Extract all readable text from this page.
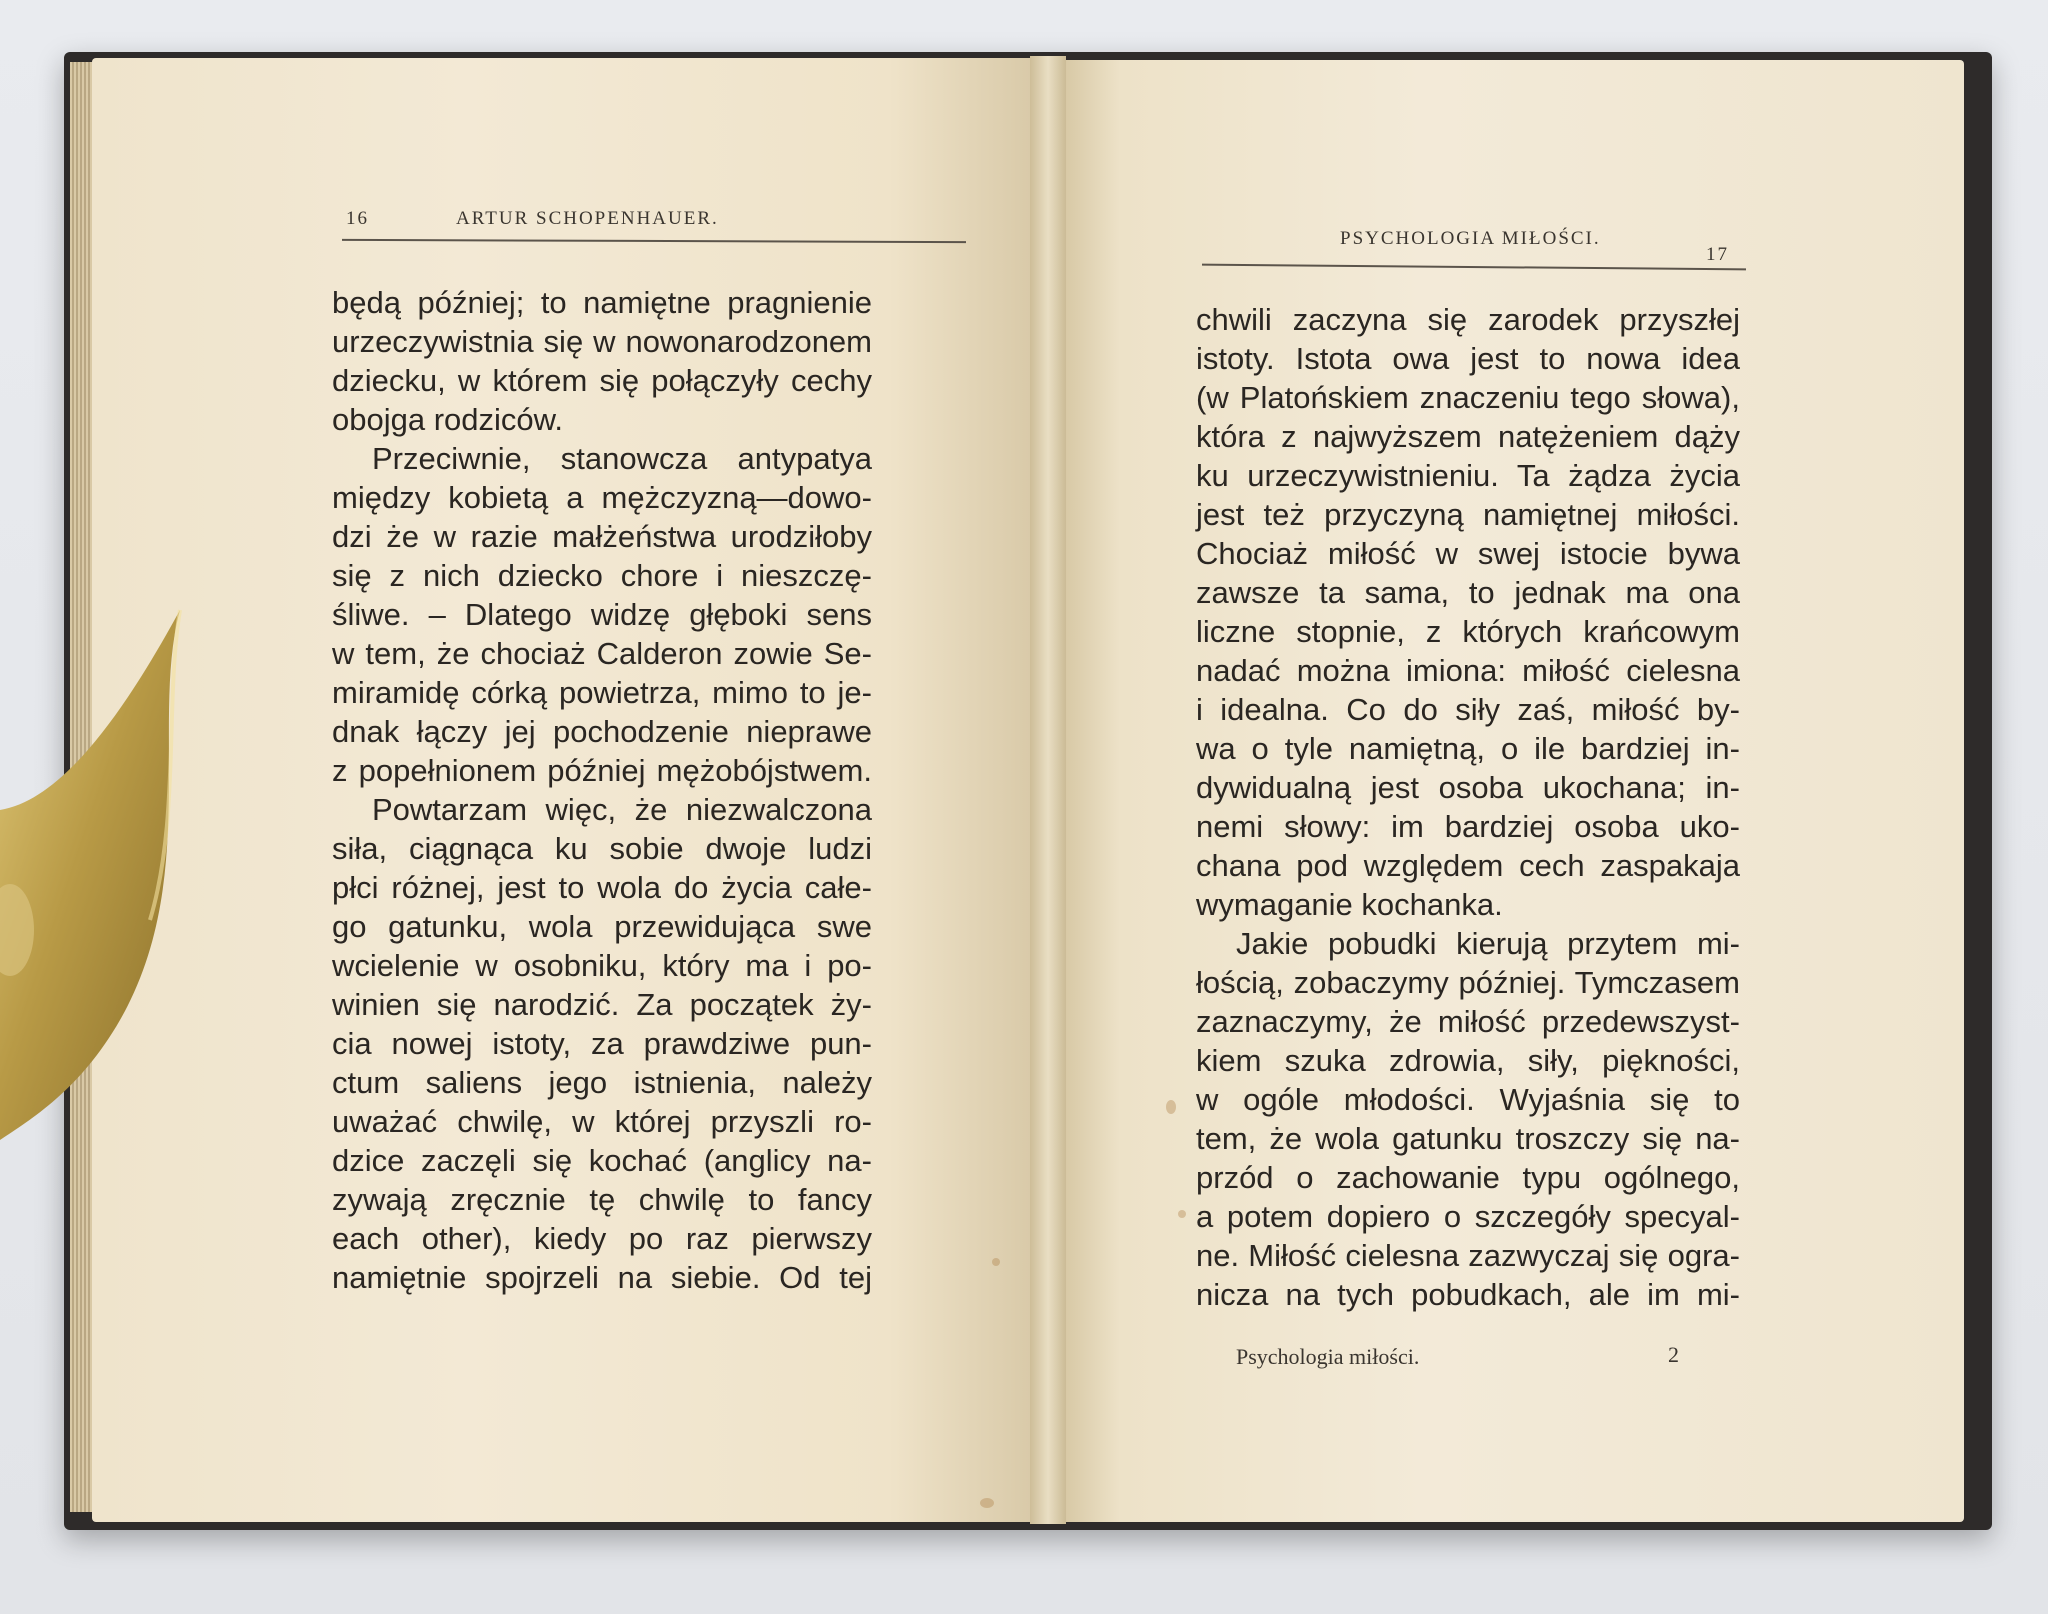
16	ARTUR SCHOPENHAUER.
będą później; to namiętne pragnienie
urzeczywistnia się w nowonarodzonem
dziecku, w którem się połączyły cechy
obojga rodziców.
Przeciwnie, stanowcza antypatya
między kobietą a mężczyzną—dowo-
dzi że w razie małżeństwa urodziłoby
się z nich dziecko chore i nieszczę-
śliwe. – Dlatego widzę głęboki sens
w tem, że chociaż Calderon zowie Se-
miramidę córką powietrza, mimo to je-
dnak łączy jej pochodzenie nieprawe
z popełnionem później mężobójstwem.
Powtarzam więc, że niezwalczona
siła, ciągnąca ku sobie dwoje ludzi
płci różnej, jest to wola do życia całe-
go gatunku, wola przewidująca swe
wcielenie w osobniku, który ma i po-
winien się narodzić. Za początek ży-
cia nowej istoty, za prawdziwe pun-
ctum saliens jego istnienia, należy
uważać chwilę, w której przyszli ro-
dzice zaczęli się kochać (anglicy na-
zywają zręcznie tę chwilę to fancy
each other), kiedy po raz pierwszy
namiętnie spojrzeli na siebie. Od tej
PSYCHOLOGIA MIŁOŚCI.
17
chwili zaczyna się zarodek przyszłej
istoty. Istota owa jest to nowa idea
(w Platońskiem znaczeniu tego słowa),
która z najwyższem natężeniem dąży
ku urzeczywistnieniu. Ta żądza życia
jest też przyczyną namiętnej miłości.
Chociaż miłość w swej istocie bywa
zawsze ta sama, to jednak ma ona
liczne stopnie, z których krańcowym
nadać można imiona: miłość cielesna
i idealna. Co do siły zaś, miłość by-
wa o tyle namiętną, o ile bardziej in-
dywidualną jest osoba ukochana; in-
nemi słowy: im bardziej osoba uko-
chana pod względem cech zaspakaja
wymaganie kochanka.
Jakie pobudki kierują przytem mi-
łością, zobaczymy później. Tymczasem
zaznaczymy, że miłość przedewszyst-
kiem szuka zdrowia, siły, piękności,
w ogóle młodości. Wyjaśnia się to
tem, że wola gatunku troszczy się na-
przód o zachowanie typu ogólnego,
a potem dopiero o szczegóły specyal-
ne. Miłość cielesna zazwyczaj się ogra-
nicza na tych pobudkach, ale im mi-
Psychologia miłości.	2
